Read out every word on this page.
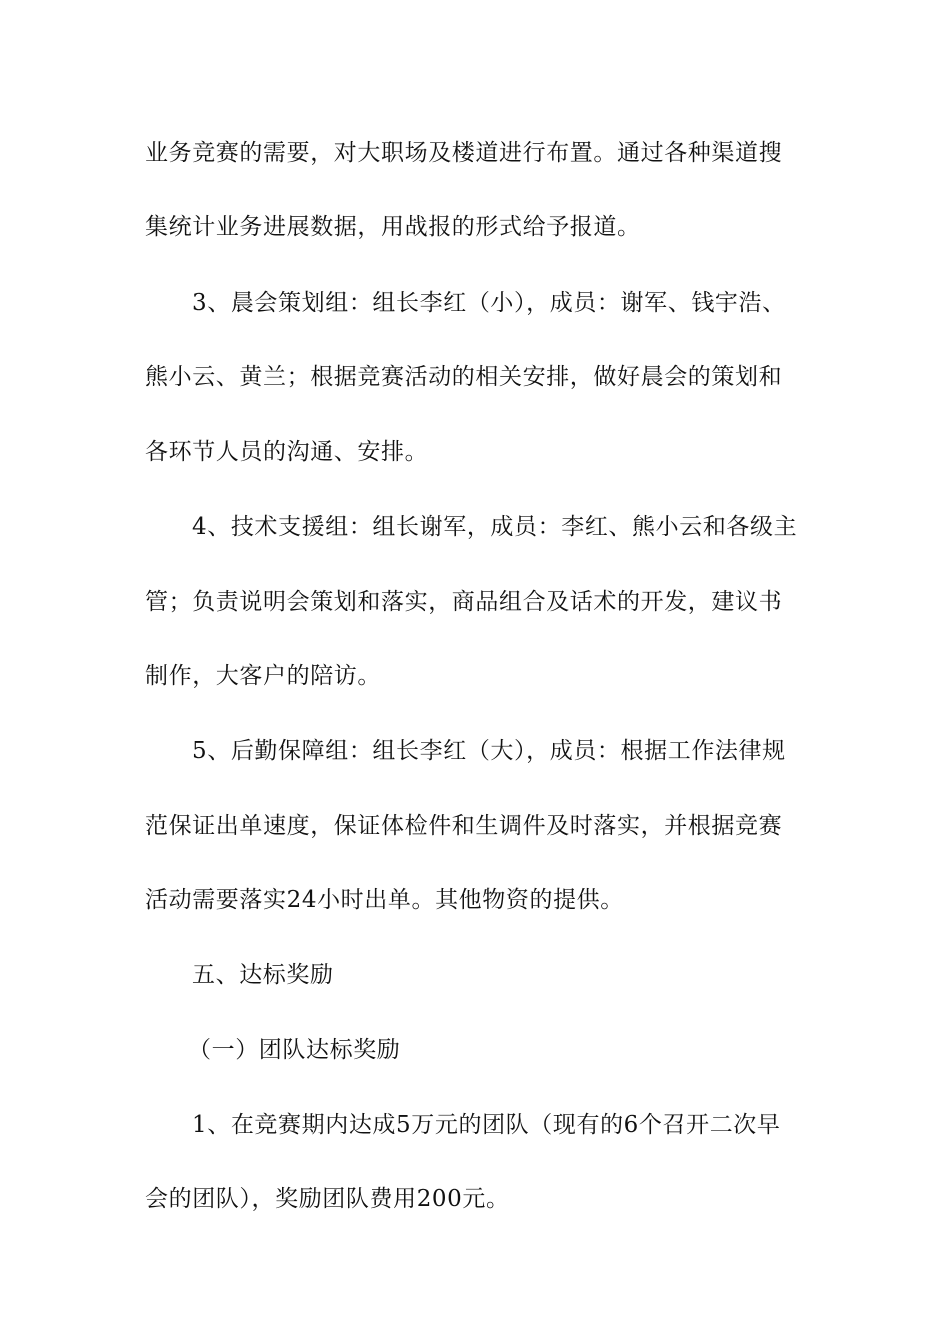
业务竞赛的需要，对大职场及楼道进行布置。通过各种渠道搜
集统计业务进展数据，用战报的形式给予报道。
3、晨会策划组：组长李红（小），成员：谢军、钱宇浩、
熊小云、黄兰；根据竞赛活动的相关安排，做好晨会的策划和
各环节人员的沟通、安排。
4、技术支援组：组长谢军，成员：李红、熊小云和各级主
管；负责说明会策划和落实，商品组合及话术的开发，建议书
制作，大客户的陪访。
5、后勤保障组：组长李红（大），成员：根据工作法律规
范保证出单速度，保证体检件和生调件及时落实，并根据竞赛
活动需要落实24小时出单。其他物资的提供。
五、达标奖励
（一）团队达标奖励
1、在竞赛期内达成5万元的团队（现有的6个召开二次早
会的团队），奖励团队费用200元。
